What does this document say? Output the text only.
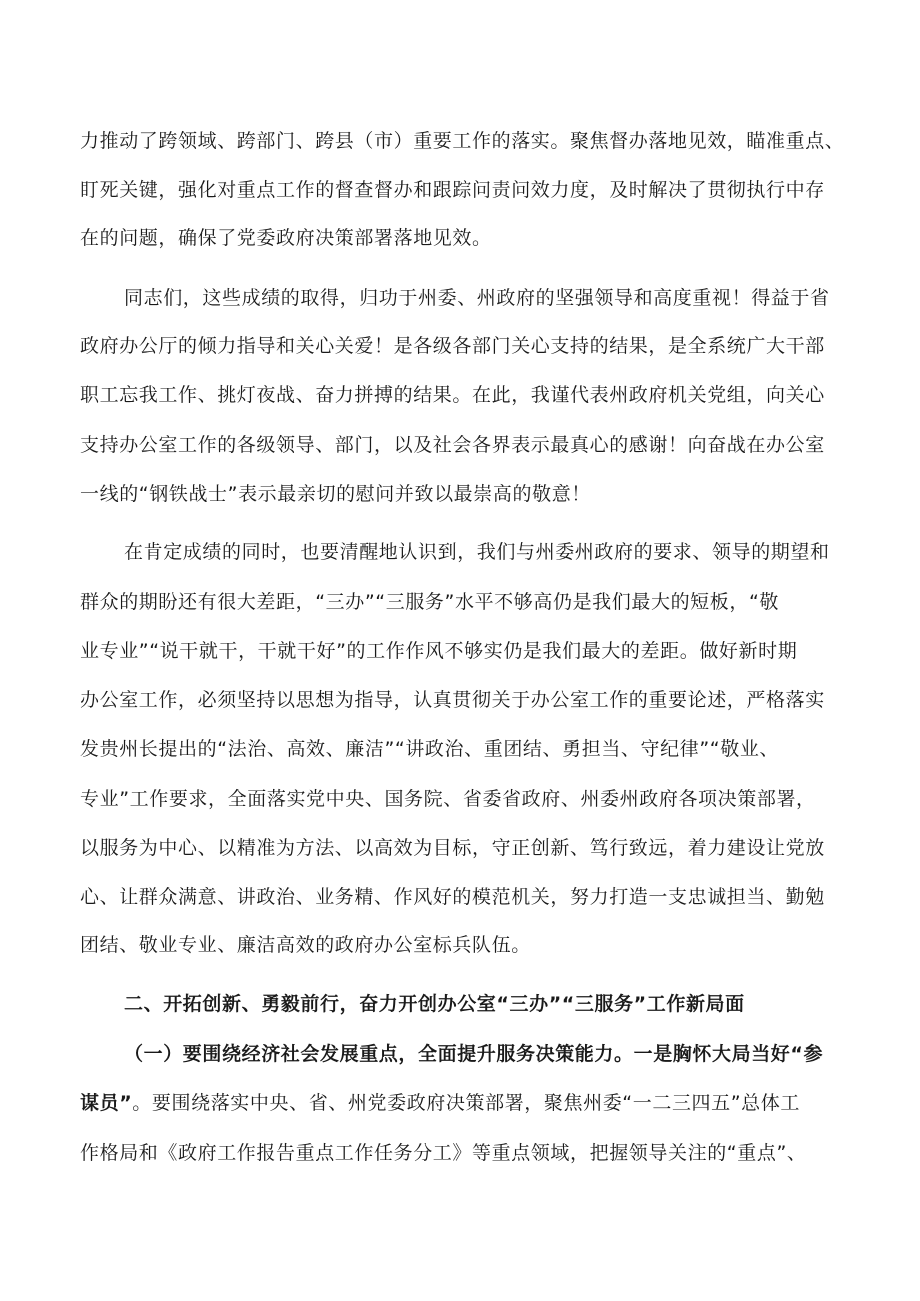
力推动了跨领域、跨部门、跨县（市）重要工作的落实。聚焦督办落地见效，瞄准重点、
盯死关键，强化对重点工作的督查督办和跟踪问责问效力度，及时解决了贯彻执行中存
在的问题，确保了党委政府决策部署落地见效。
同志们，这些成绩的取得，归功于州委、州政府的坚强领导和高度重视！得益于省
政府办公厅的倾力指导和关心关爱！是各级各部门关心支持的结果，是全系统广大干部
职工忘我工作、挑灯夜战、奋力拼搏的结果。在此，我谨代表州政府机关党组，向关心
支持办公室工作的各级领导、部门，以及社会各界表示最真心的感谢！向奋战在办公室
一线的“钢铁战士”表示最亲切的慰问并致以最崇高的敬意！
在肯定成绩的同时，也要清醒地认识到，我们与州委州政府的要求、领导的期望和
群众的期盼还有很大差距，“三办”“三服务”水平不够高仍是我们最大的短板，“敬
业专业”“说干就干，干就干好”的工作作风不够实仍是我们最大的差距。做好新时期
办公室工作，必须坚持以思想为指导，认真贯彻关于办公室工作的重要论述，严格落实
发贵州长提出的“法治、高效、廉洁”“讲政治、重团结、勇担当、守纪律”“敬业、
专业”工作要求，全面落实党中央、国务院、省委省政府、州委州政府各项决策部署，
以服务为中心、以精准为方法、以高效为目标，守正创新、笃行致远，着力建设让党放
心、让群众满意、讲政治、业务精、作风好的模范机关，努力打造一支忠诚担当、勤勉
团结、敬业专业、廉洁高效的政府办公室标兵队伍。
二、开拓创新、勇毅前行，奋力开创办公室“三办”“三服务”工作新局面
（一）要围绕经济社会发展重点，全面提升服务决策能力。一是胸怀大局当好“参
谋员”。要围绕落实中央、省、州党委政府决策部署，聚焦州委“一二三四五”总体工
作格局和《政府工作报告重点工作任务分工》等重点领域，把握领导关注的“重点”、
